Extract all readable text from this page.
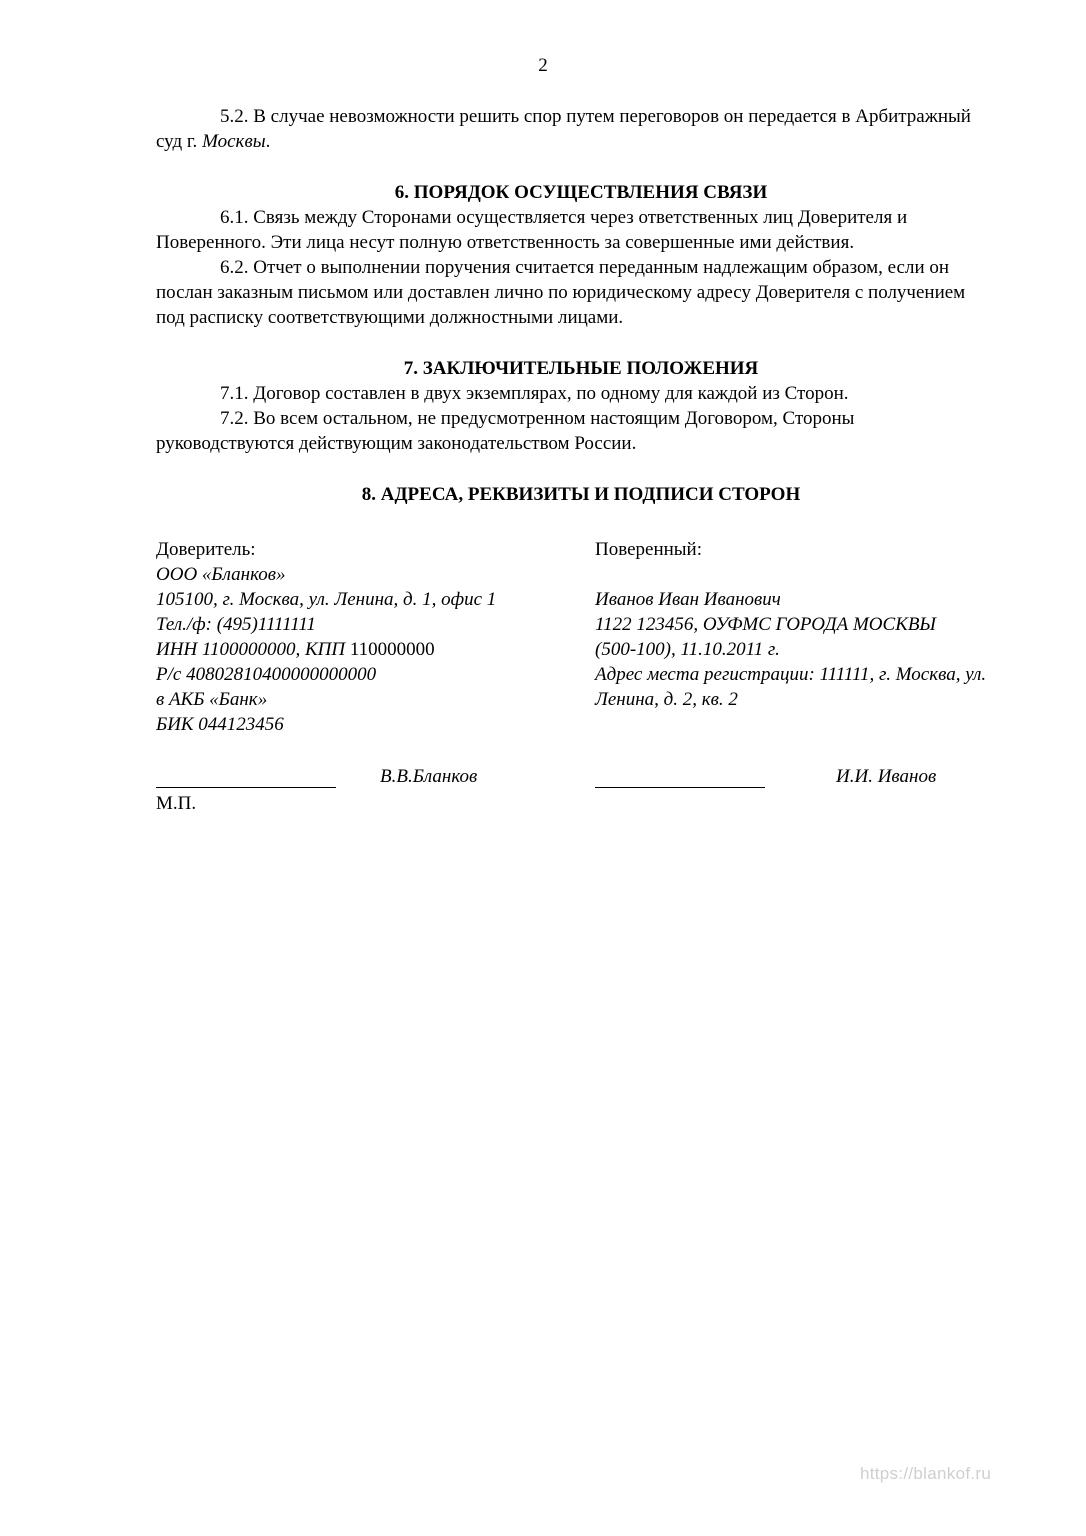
2

5.2. В случае невозможности решить спор путем переговоров он передается в Арбитражный суд г. Москвы.

6. ПОРЯДОК ОСУЩЕСТВЛЕНИЯ СВЯЗИ

6.1. Связь между Сторонами осуществляется через ответственных лиц Доверителя и Поверенного. Эти лица несут полную ответственность за совершенные ими действия.

6.2. Отчет о выполнении поручения считается переданным надлежащим образом, если он послан заказным письмом или доставлен лично по юридическому адресу Доверителя с получением под расписку соответствующими должностными лицами.

7. ЗАКЛЮЧИТЕЛЬНЫЕ ПОЛОЖЕНИЯ

7.1. Договор составлен в двух экземплярах, по одному для каждой из Сторон.

7.2. Во всем остальном, не предусмотренном настоящим Договором, Стороны руководствуются действующим законодательством России.

8. АДРЕСА, РЕКВИЗИТЫ И ПОДПИСИ СТОРОН
Доверитель:
ООО «Бланков»
105100, г. Москва, ул. Ленина, д. 1, офис 1
Тел./ф: (495)1111111
ИНН 1100000000, КПП 110000000
Р/с 40802810400000000000
в АКБ «Банк»
БИК 044123456
Поверенный:
Иванов Иван Иванович
1122 123456, ОУФМС ГОРОДА МОСКВЫ
(500-100), 11.10.2011 г.
Адрес места регистрации: 111111, г. Москва, ул.
Ленина, д. 2, кв. 2
В.В.Бланков	И.И. Иванов
М.П.
https://blankof.ru
